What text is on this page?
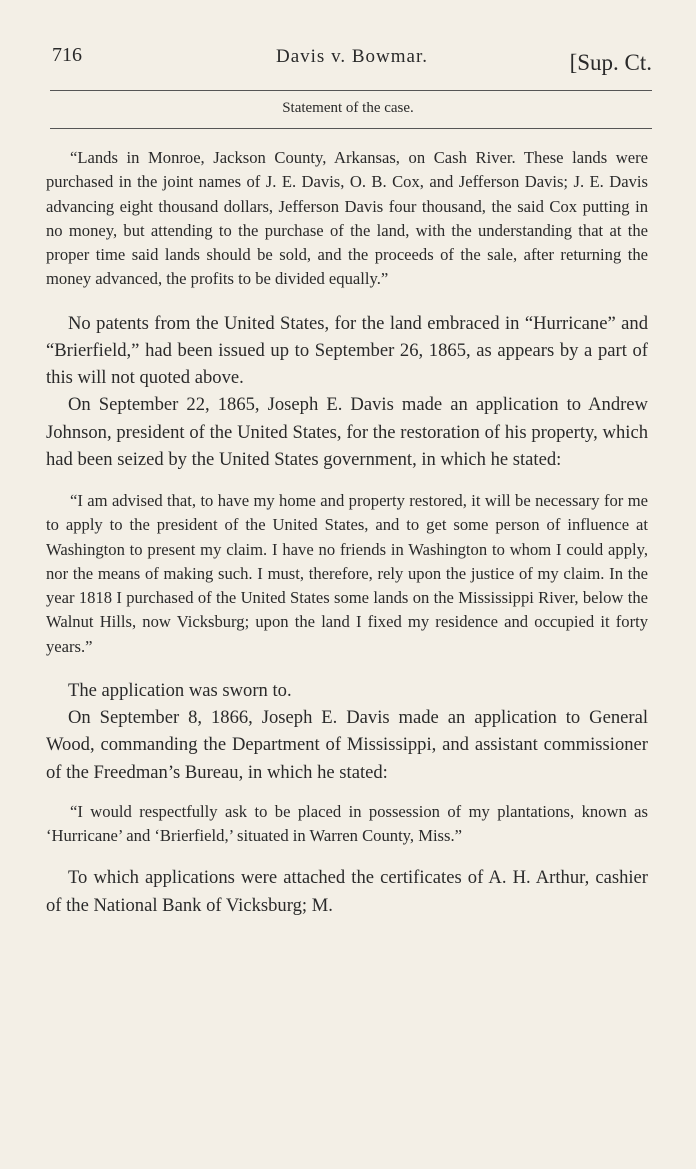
716	Davis v. Bowmar.	[Sup. Ct.
Statement of the case.

“Lands in Monroe, Jackson County, Arkansas, on Cash River. These lands were purchased in the joint names of J. E. Davis, O. B. Cox, and Jefferson Davis; J. E. Davis advancing eight thousand dollars, Jefferson Davis four thousand, the said Cox putting in no money, but attending to the purchase of the land, with the understanding that at the proper time said lands should be sold, and the proceeds of the sale, after returning the money advanced, the profits to be divided equally.”

No patents from the United States, for the land embraced in “Hurricane” and “Brierfield,” had been issued up to September 26, 1865, as appears by a part of this will not quoted above.

On September 22, 1865, Joseph E. Davis made an application to Andrew Johnson, president of the United States, for the restoration of his property, which had been seized by the United States government, in which he stated:

“I am advised that, to have my home and property restored, it will be necessary for me to apply to the president of the United States, and to get some person of influence at Washington to present my claim. I have no friends in Washington to whom I could apply, nor the means of making such. I must, therefore, rely upon the justice of my claim. In the year 1818 I purchased of the United States some lands on the Mississippi River, below the Walnut Hills, now Vicksburg; upon the land I fixed my residence and occupied it forty years.”

The application was sworn to.

On September 8, 1866, Joseph E. Davis made an application to General Wood, commanding the Department of Mississippi, and assistant commissioner of the Freedman’s Bureau, in which he stated:

“I would respectfully ask to be placed in possession of my plantations, known as ‘Hurricane’ and ‘Brierfield,’ situated in Warren County, Miss.”

To which applications were attached the certificates of A. H. Arthur, cashier of the National Bank of Vicksburg; M.
